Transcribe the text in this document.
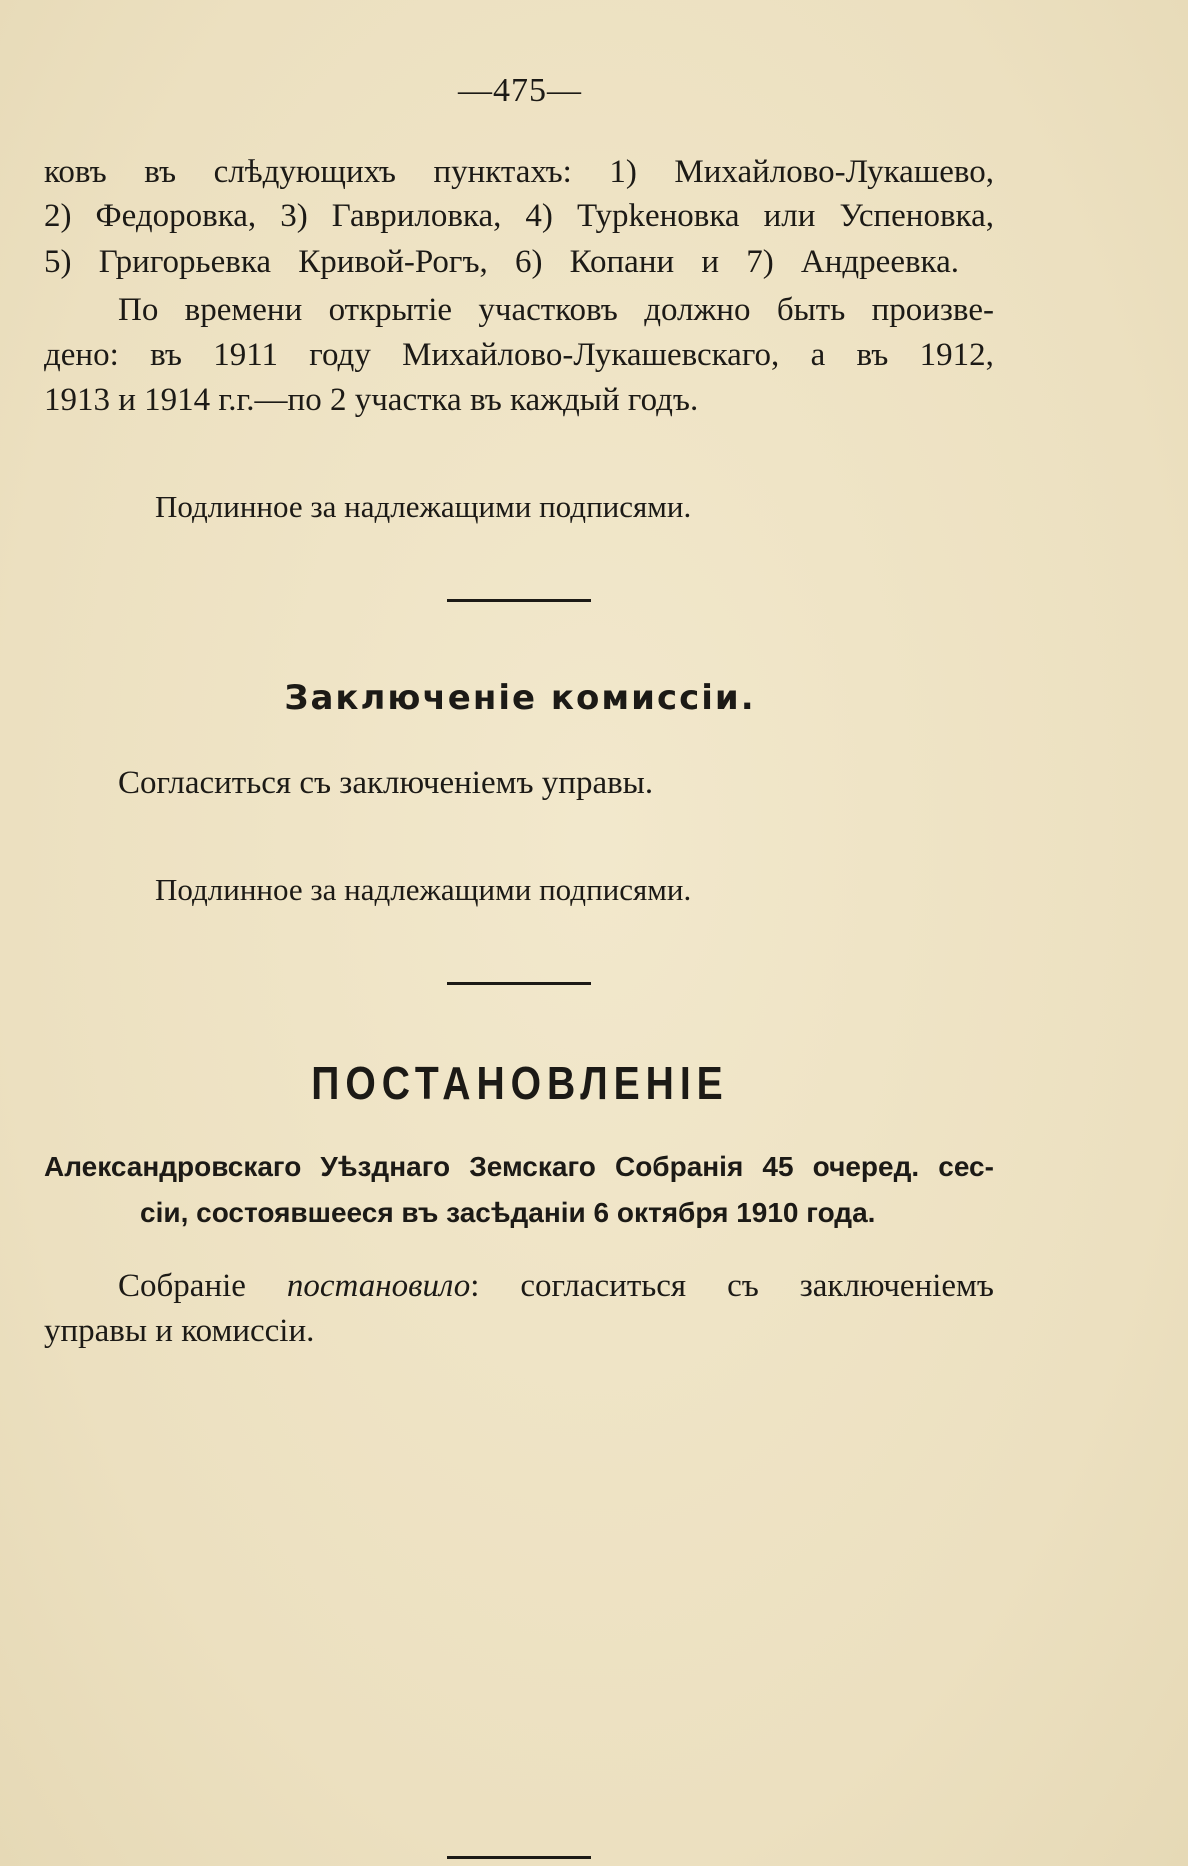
—475—
ковъ въ слѣдующихъ пунктахъ: 1) Михайлово-Лукашево,
2) Федоровка, 3) Гавриловка, 4) Турkеновка или Успеновка,
5) Григорьевка Кривой-Рогъ, 6) Копани и 7) Андреевка.
По времени открытіе участковъ должно быть произве-
дено: въ 1911 году Михайлово-Лукашевскаго, а въ 1912,
1913 и 1914 г.г.—по 2 участка въ каждый годъ.
Подлинное за надлежащими подписями.
Заключеніе комиссіи.
Согласиться съ заключеніемъ управы.
Подлинное за надлежащими подписями.
ПОСТАНОВЛЕНІЕ
Александровскаго Уѣзднаго Земскаго Собранія 45 очеред. сес-
сіи, состоявшееся въ засѣданіи 6 октября 1910 года.
Собраніе постановило: согласиться съ заключеніемъ
управы и комиссіи.
